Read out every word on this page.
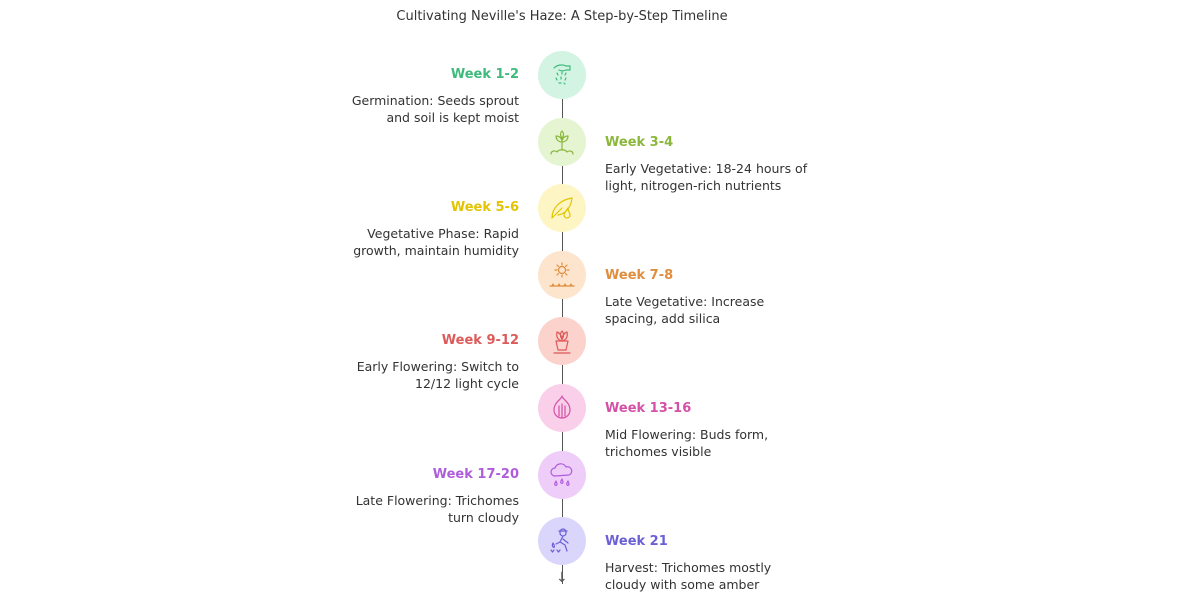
Cultivating Neville's Haze: A Step-by-Step Timeline
↓
Week 1-2
Germination: Seeds sprout and soil is kept moist
Week 3-4
Early Vegetative: 18-24 hours of light, nitrogen-rich nutrients
Week 5-6
Vegetative Phase: Rapid growth, maintain humidity
Week 7-8
Late Vegetative: Increase spacing, add silica
Week 9-12
Early Flowering: Switch to 12/12 light cycle
Week 13-16
Mid Flowering: Buds form, trichomes visible
Week 17-20
Late Flowering: Trichomes turn cloudy
Week 21
Harvest: Trichomes mostly cloudy with some amber
